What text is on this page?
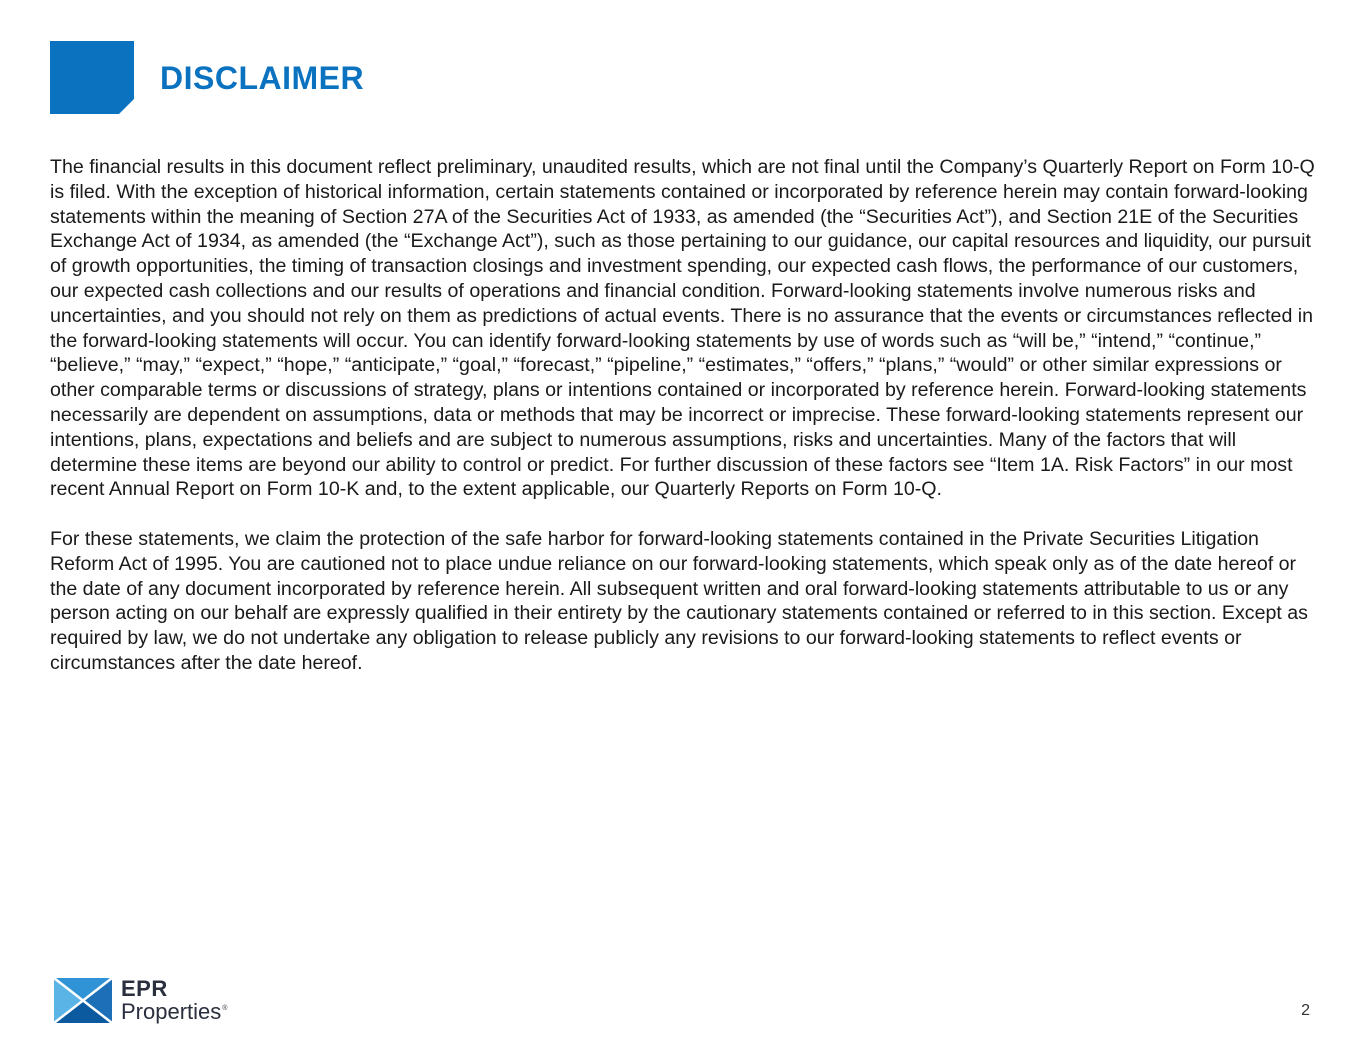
DISCLAIMER

The financial results in this document reflect preliminary, unaudited results, which are not final until the Company’s Quarterly Report on Form 10-Q is filed. With the exception of historical information, certain statements contained or incorporated by reference herein may contain forward-looking statements within the meaning of Section 27A of the Securities Act of 1933, as amended (the “Securities Act”), and Section 21E of the Securities Exchange Act of 1934, as amended (the “Exchange Act”), such as those pertaining to our guidance, our capital resources and liquidity, our pursuit of growth opportunities, the timing of transaction closings and investment spending, our expected cash flows, the performance of our customers, our expected cash collections and our results of operations and financial condition. Forward-looking statements involve numerous risks and uncertainties, and you should not rely on them as predictions of actual events. There is no assurance that the events or circumstances reflected in the forward-looking statements will occur. You can identify forward-looking statements by use of words such as “will be,” “intend,” “continue,” “believe,” “may,” “expect,” “hope,” “anticipate,” “goal,” “forecast,” “pipeline,” “estimates,” “offers,” “plans,” “would” or other similar expressions or other comparable terms or discussions of strategy, plans or intentions contained or incorporated by reference herein. Forward-looking statements necessarily are dependent on assumptions, data or methods that may be incorrect or imprecise. These forward-looking statements represent our intentions, plans, expectations and beliefs and are subject to numerous assumptions, risks and uncertainties. Many of the factors that will determine these items are beyond our ability to control or predict. For further discussion of these factors see “Item 1A. Risk Factors” in our most recent Annual Report on Form 10-K and, to the extent applicable, our Quarterly Reports on Form 10-Q.

For these statements, we claim the protection of the safe harbor for forward-looking statements contained in the Private Securities Litigation Reform Act of 1995. You are cautioned not to place undue reliance on our forward-looking statements, which speak only as of the date hereof or the date of any document incorporated by reference herein. All subsequent written and oral forward-looking statements attributable to us or any person acting on our behalf are expressly qualified in their entirety by the cautionary statements contained or referred to in this section. Except as required by law, we do not undertake any obligation to release publicly any revisions to our forward-looking statements to reflect events or circumstances after the date hereof.

EPR
Properties®	2
